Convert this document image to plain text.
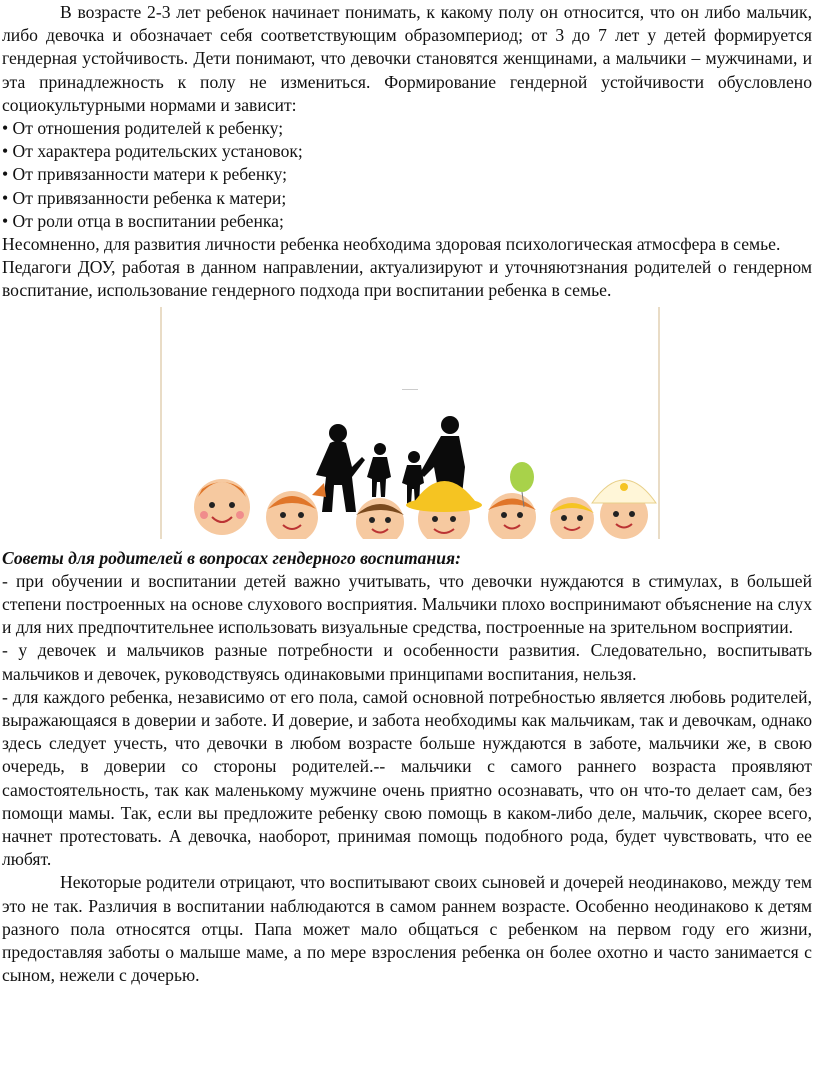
В возрасте 2-3 лет ребенок начинает понимать, к какому полу он относится, что он либо мальчик, либо девочка и обозначает себя соответствующим образомпериод; от 3 до 7 лет у детей формируется гендерная устойчивость. Дети понимают, что девочки становятся женщинами, а мальчики – мужчинами, и эта принадлежность к полу не измениться. Формирование гендерной устойчивости обусловлено социокультурными нормами и зависит:

• От отношения родителей к ребенку;

• От характера родительских установок;

• От привязанности матери к ребенку;

• От привязанности ребенка к матери;

• От роли отца в воспитании ребенка;

Несомненно, для развития личности ребенка необходима здоровая психологическая атмосфера в семье.

Педагоги ДОУ, работая в данном направлении, актуализируют и уточняютзнания родителей о гендерном воспитание, использование гендерного подхода при воспитании ребенка в семье.

Советы для родителей в вопросах гендерного воспитания:

- при обучении и воспитании детей важно учитывать, что девочки нуждаются в стимулах, в большей степени построенных на основе слухового восприятия. Мальчики плохо воспринимают объяснение на слух и для них предпочтительнее использовать визуальные средства, построенные на зрительном восприятии.

- у девочек и мальчиков разные потребности и особенности развития. Следовательно, воспитывать мальчиков и девочек, руководствуясь одинаковыми принципами воспитания, нельзя.

- для каждого ребенка, независимо от его пола, самой основной потребностью является любовь родителей, выражающаяся в доверии и заботе. И доверие, и забота необходимы как мальчикам, так и девочкам, однако здесь следует учесть, что девочки в любом возрасте больше нуждаются в заботе, мальчики же, в свою очередь, в доверии со стороны родителей.-- мальчики с самого раннего возраста проявляют самостоятельность, так как маленькому мужчине очень приятно осознавать, что он что-то делает сам, без помощи мамы. Так, если вы предложите ребенку свою помощь в каком-либо деле, мальчик, скорее всего, начнет протестовать. А девочка, наоборот, принимая помощь подобного рода, будет чувствовать, что ее любят.

Некоторые родители отрицают, что воспитывают своих сыновей и дочерей неодинаково, между тем это не так. Различия в воспитании наблюдаются в самом раннем возрасте. Особенно неодинаково к детям разного пола относятся отцы. Папа может мало общаться с ребенком на первом году его жизни, предоставляя заботы о малыше маме, а по мере взросления ребенка он более охотно и часто занимается с сыном, нежели с дочерью.
